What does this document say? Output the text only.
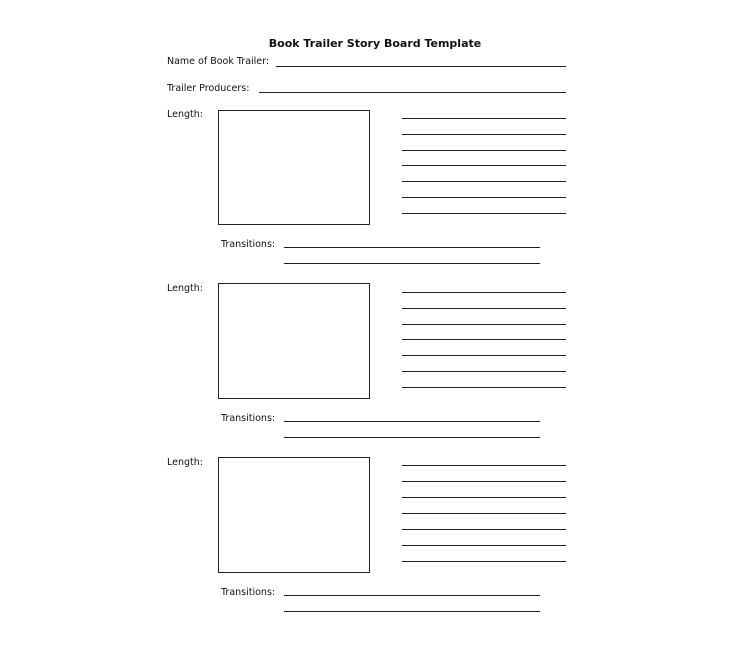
Book Trailer Story Board Template
Name of Book Trailer:
Trailer Producers:
Length:
Transitions:
Length:
Transitions:
Length:
Transitions:
